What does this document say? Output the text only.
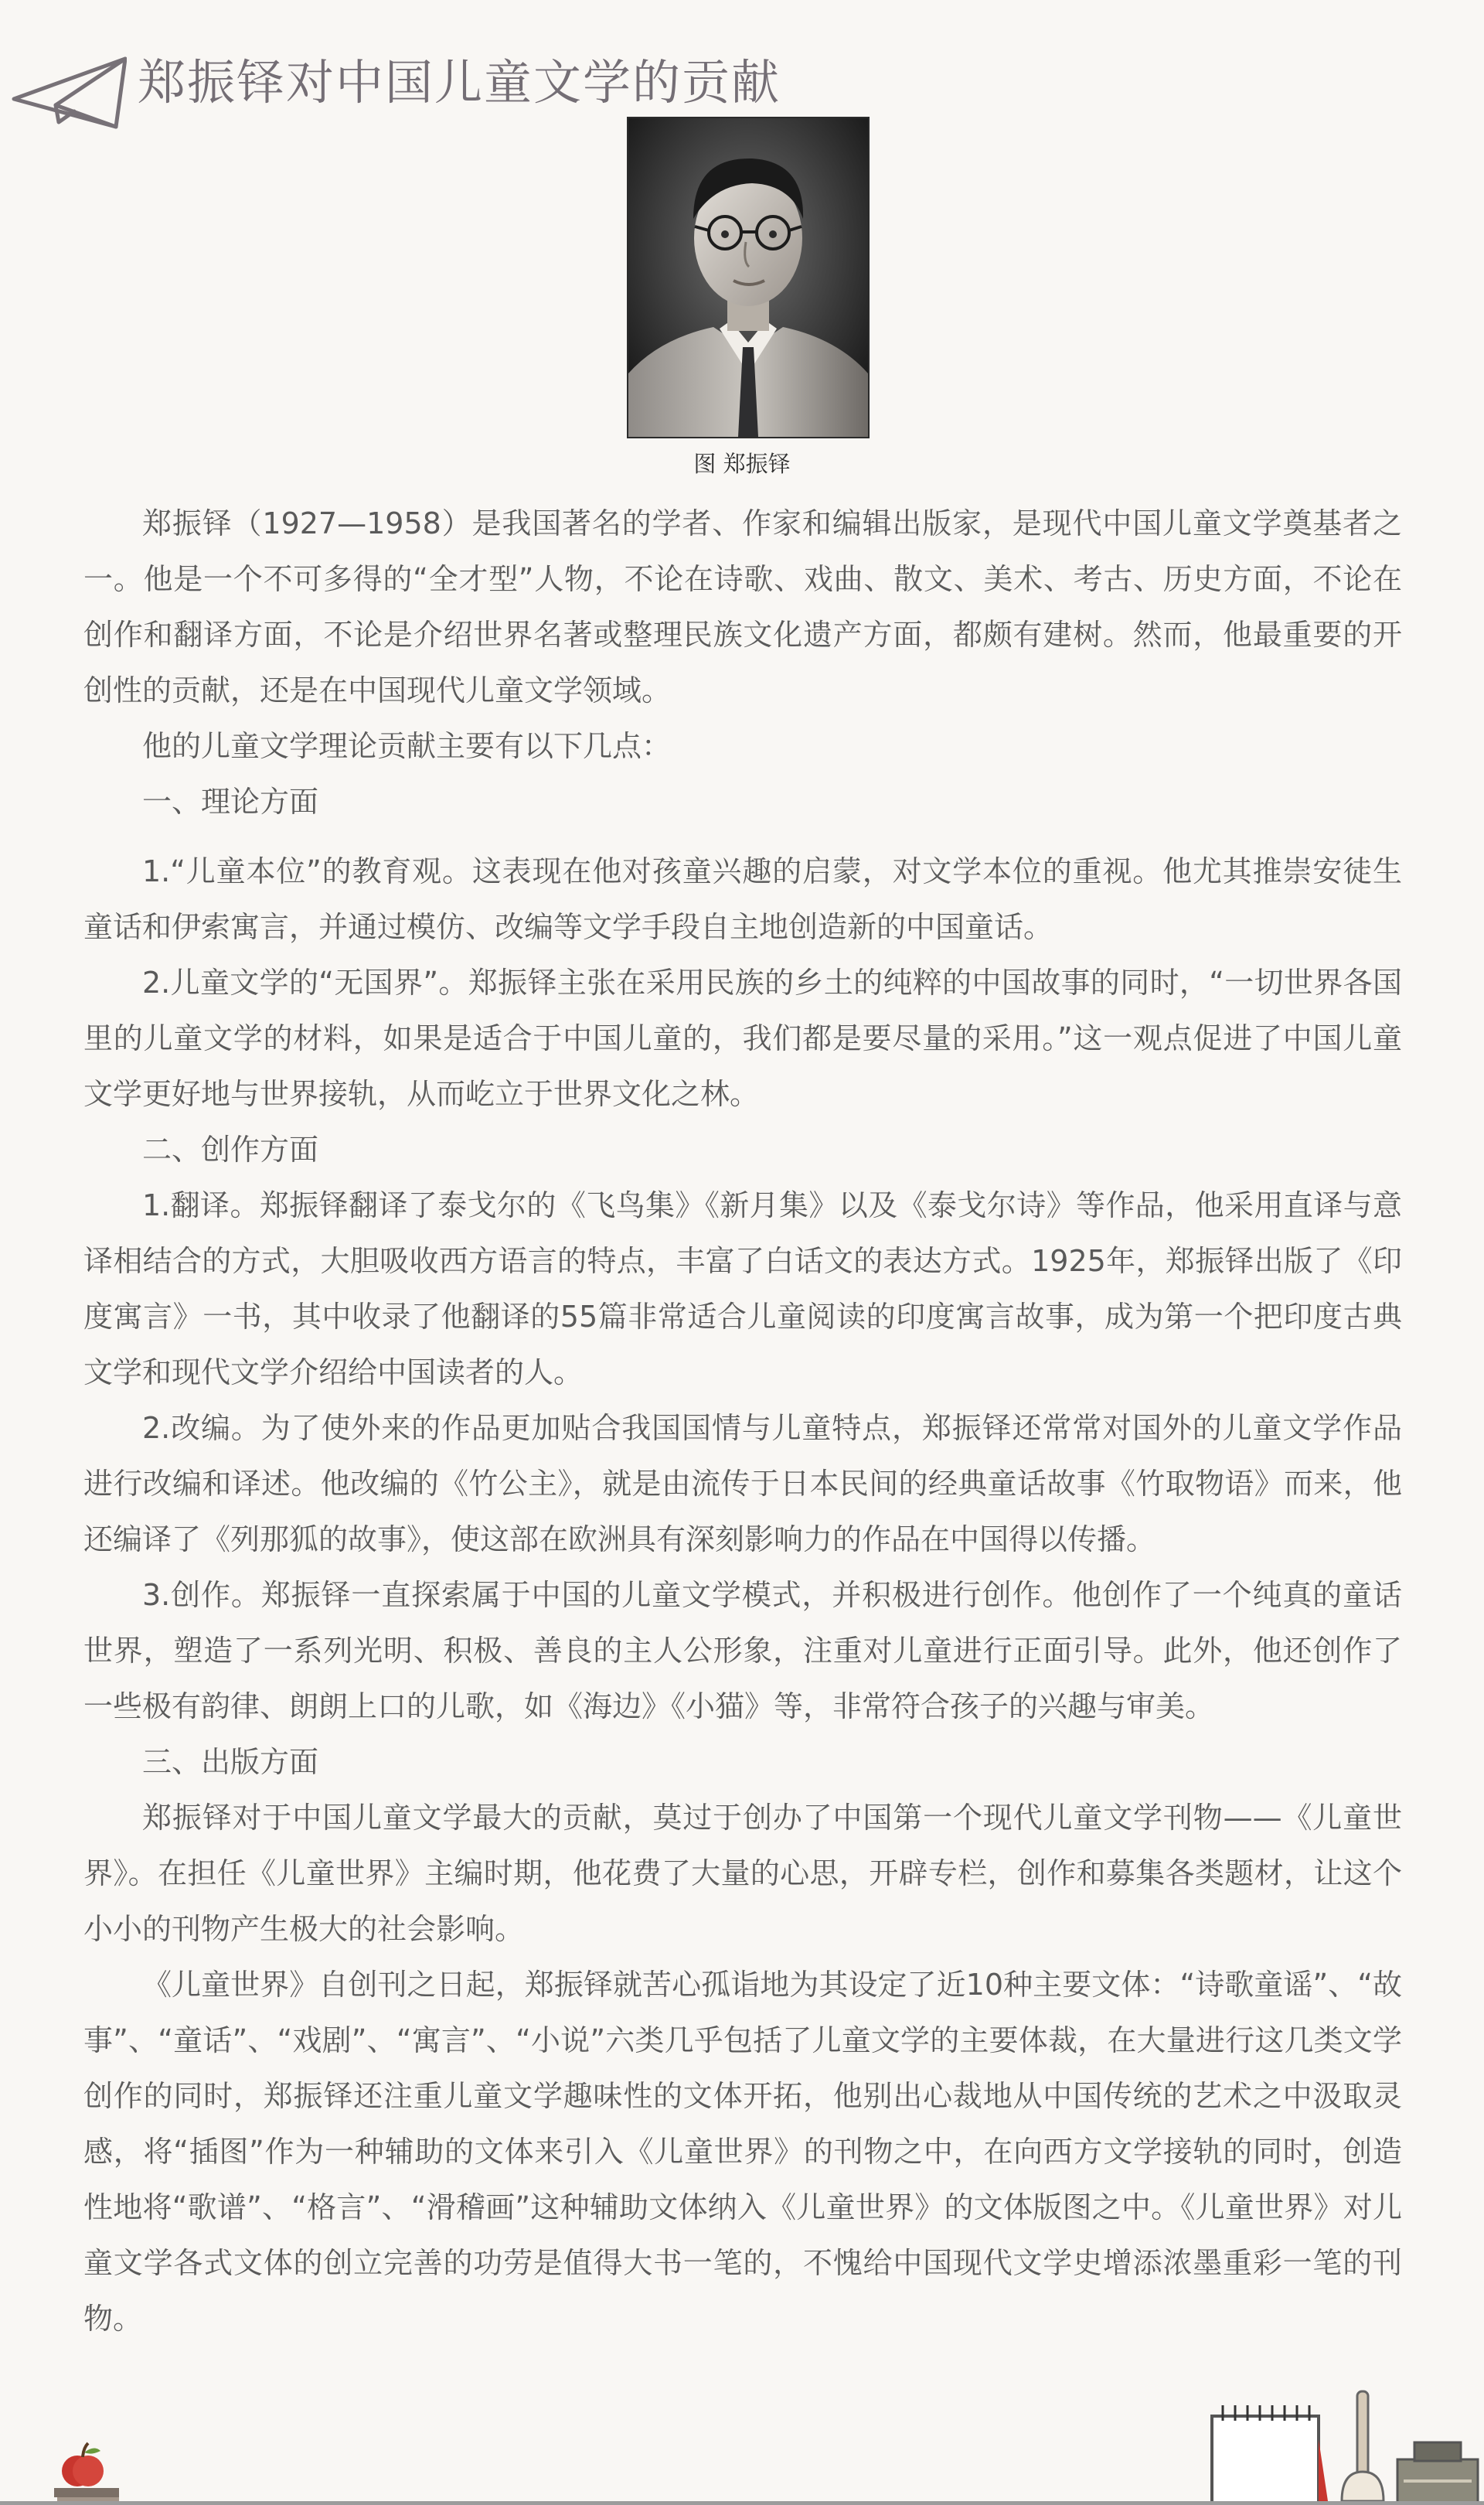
郑振铎对中国儿童文学的贡献

图 郑振铎

郑振铎（1927—1958）是我国著名的学者、作家和编辑出版家，是现代中国儿童文学奠基者之一。他是一个不可多得的“全才型”人物，不论在诗歌、戏曲、散文、美术、考古、历史方面，不论在创作和翻译方面，不论是介绍世界名著或整理民族文化遗产方面，都颇有建树。然而，他最重要的开创性的贡献，还是在中国现代儿童文学领域。

他的儿童文学理论贡献主要有以下几点：

一、理论方面

1.“儿童本位”的教育观。这表现在他对孩童兴趣的启蒙，对文学本位的重视。他尤其推崇安徒生童话和伊索寓言，并通过模仿、改编等文学手段自主地创造新的中国童话。

2.儿童文学的“无国界”。郑振铎主张在采用民族的乡土的纯粹的中国故事的同时，“一切世界各国里的儿童文学的材料，如果是适合于中国儿童的，我们都是要尽量的采用。”这一观点促进了中国儿童文学更好地与世界接轨，从而屹立于世界文化之林。

二、创作方面

1.翻译。郑振铎翻译了泰戈尔的《飞鸟集》《新月集》以及《泰戈尔诗》等作品，他采用直译与意译相结合的方式，大胆吸收西方语言的特点，丰富了白话文的表达方式。1925年，郑振铎出版了《印度寓言》一书，其中收录了他翻译的55篇非常适合儿童阅读的印度寓言故事，成为第一个把印度古典文学和现代文学介绍给中国读者的人。

2.改编。为了使外来的作品更加贴合我国国情与儿童特点，郑振铎还常常对国外的儿童文学作品进行改编和译述。他改编的《竹公主》，就是由流传于日本民间的经典童话故事《竹取物语》而来，他还编译了《列那狐的故事》，使这部在欧洲具有深刻影响力的作品在中国得以传播。

3.创作。郑振铎一直探索属于中国的儿童文学模式，并积极进行创作。他创作了一个纯真的童话世界，塑造了一系列光明、积极、善良的主人公形象，注重对儿童进行正面引导。此外，他还创作了一些极有韵律、朗朗上口的儿歌，如《海边》《小猫》等，非常符合孩子的兴趣与审美。

三、出版方面

郑振铎对于中国儿童文学最大的贡献，莫过于创办了中国第一个现代儿童文学刊物——《儿童世界》。在担任《儿童世界》主编时期，他花费了大量的心思，开辟专栏，创作和募集各类题材，让这个小小的刊物产生极大的社会影响。

《儿童世界》自创刊之日起，郑振铎就苦心孤诣地为其设定了近10种主要文体：“诗歌童谣”、“故事”、“童话”、“戏剧”、“寓言”、“小说”六类几乎包括了儿童文学的主要体裁，在大量进行这几类文学创作的同时，郑振铎还注重儿童文学趣味性的文体开拓，他别出心裁地从中国传统的艺术之中汲取灵感，将“插图”作为一种辅助的文体来引入《儿童世界》的刊物之中，在向西方文学接轨的同时，创造性地将“歌谱”、“格言”、“滑稽画”这种辅助文体纳入《儿童世界》的文体版图之中。《儿童世界》对儿童文学各式文体的创立完善的功劳是值得大书一笔的，不愧给中国现代文学史增添浓墨重彩一笔的刊物。
